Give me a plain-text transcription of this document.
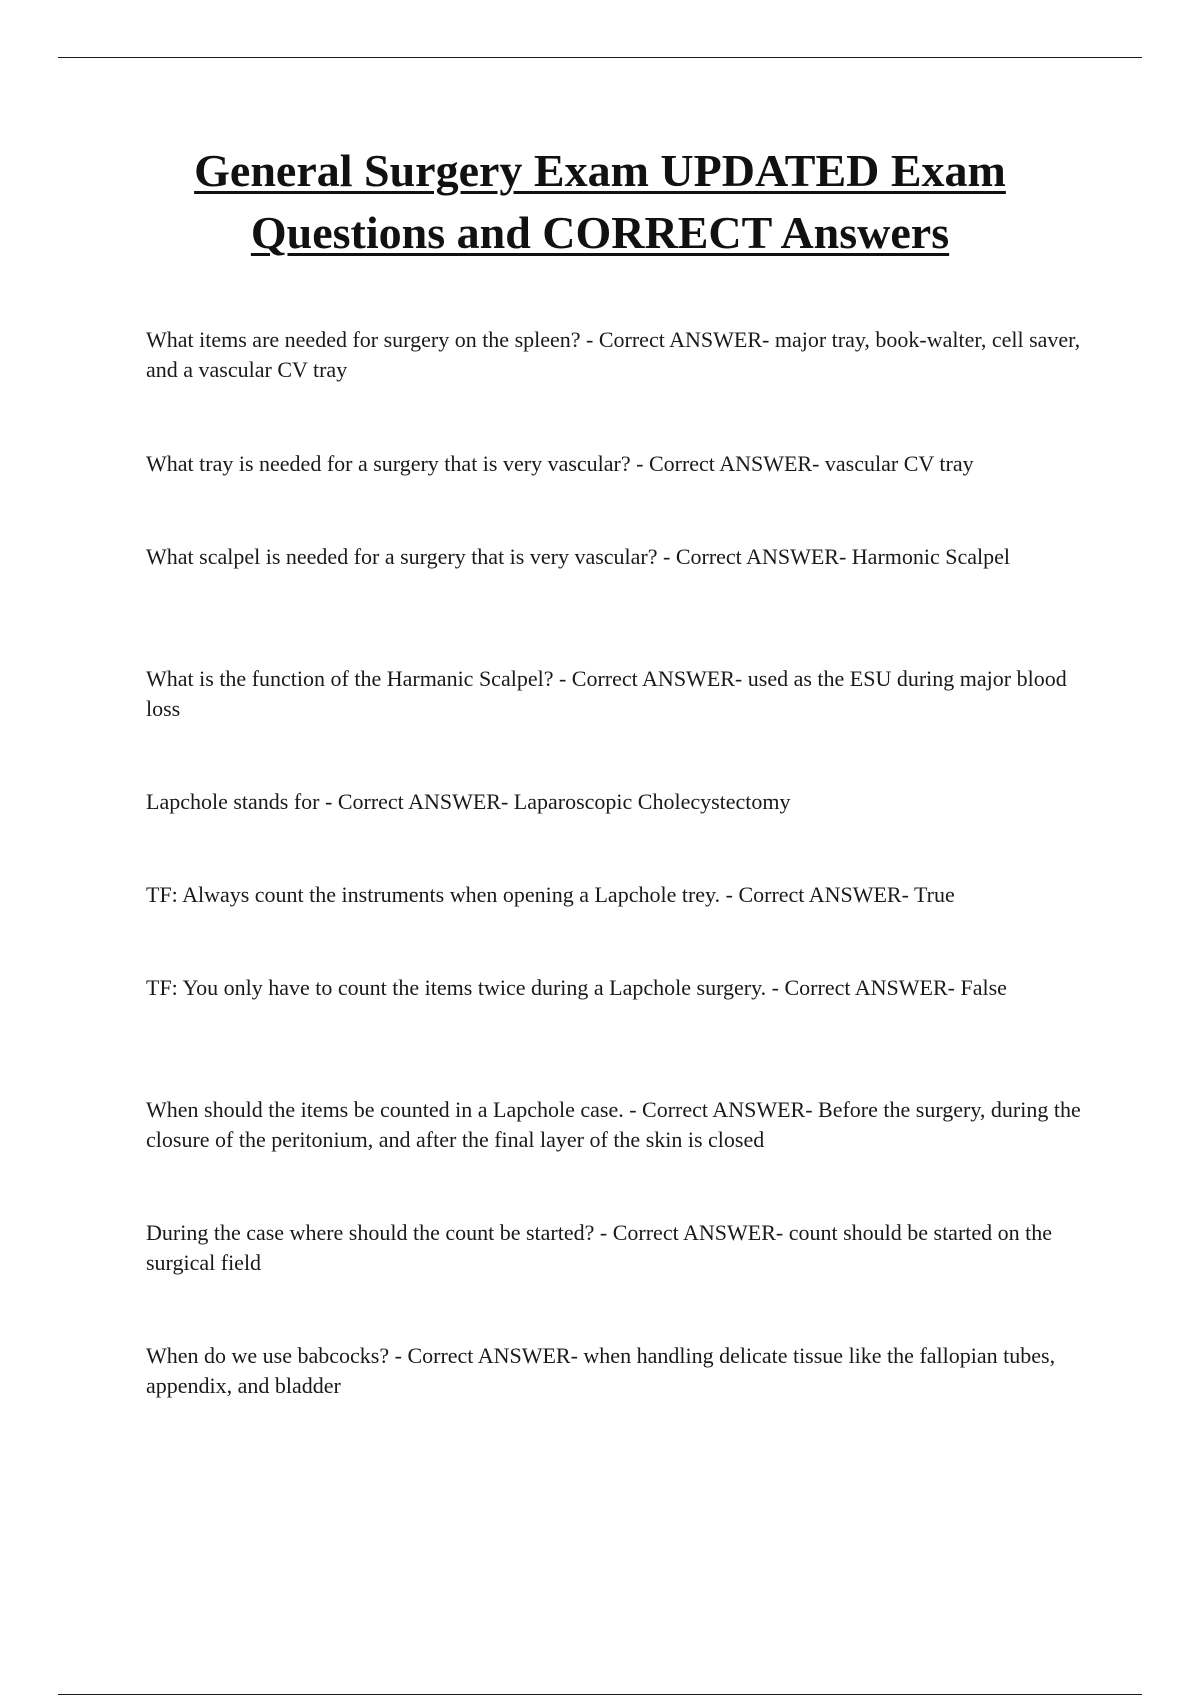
General Surgery Exam UPDATED Exam
Questions and CORRECT Answers

What items are needed for surgery on the spleen? - Correct ANSWER- major tray, book-walter, cell saver, and a vascular CV tray

What tray is needed for a surgery that is very vascular? - Correct ANSWER- vascular CV tray

What scalpel is needed for a surgery that is very vascular? - Correct ANSWER- Harmonic Scalpel

What is the function of the Harmanic Scalpel? - Correct ANSWER- used as the ESU during major blood loss

Lapchole stands for - Correct ANSWER- Laparoscopic Cholecystectomy

TF: Always count the instruments when opening a Lapchole trey. - Correct ANSWER- True

TF: You only have to count the items twice during a Lapchole surgery. - Correct ANSWER- False

When should the items be counted in a Lapchole case. - Correct ANSWER- Before the surgery, during the closure of the peritonium, and after the final layer of the skin is closed

During the case where should the count be started? - Correct ANSWER- count should be started on the surgical field

When do we use babcocks? - Correct ANSWER- when handling delicate tissue like the fallopian tubes, appendix, and bladder
